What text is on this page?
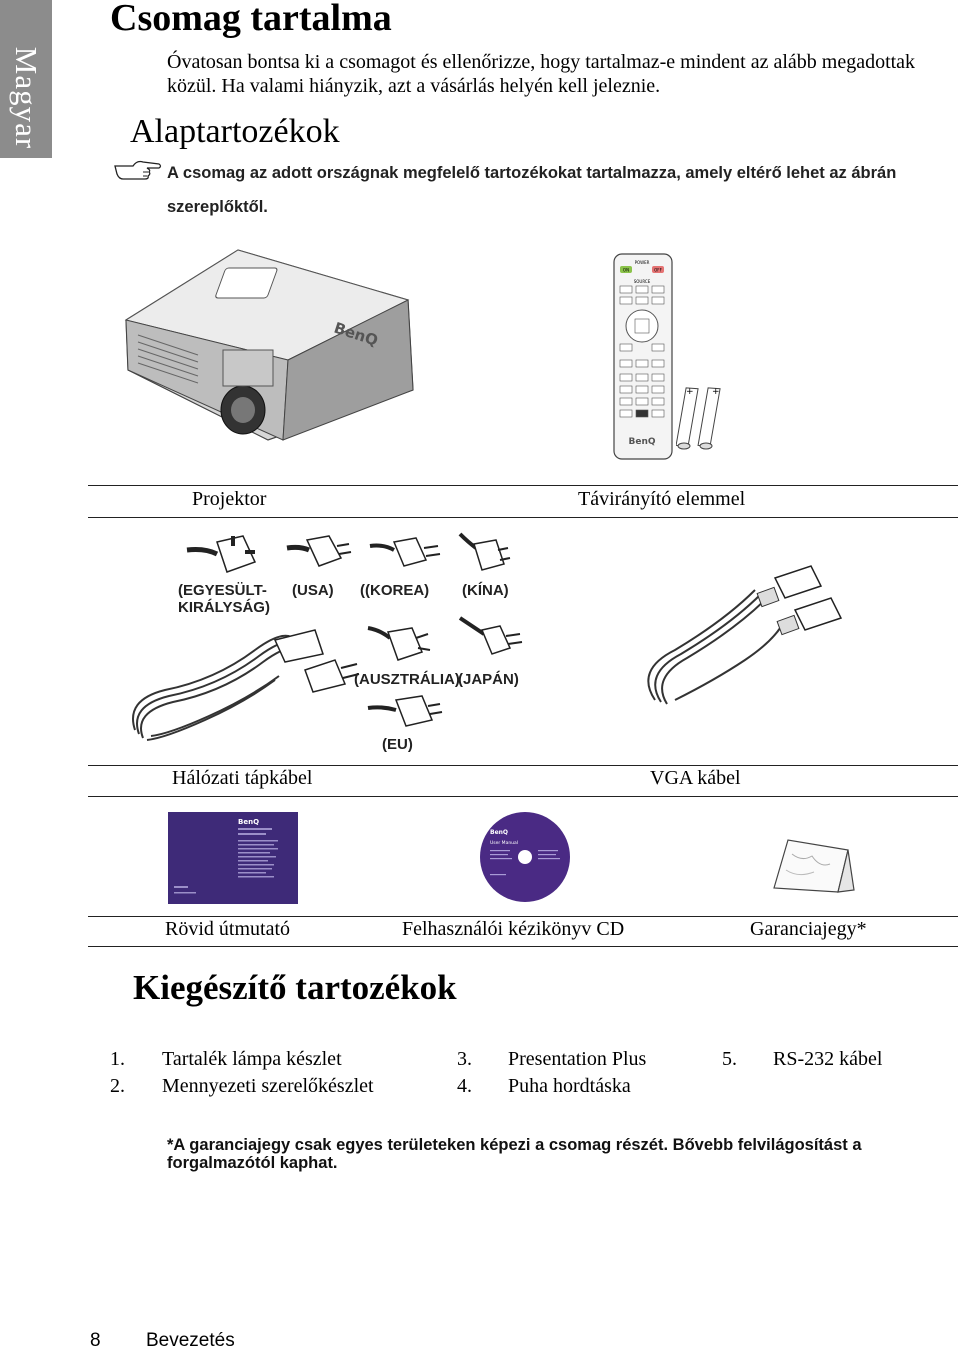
Magyar
Csomag tartalma
Óvatosan bontsa ki a csomagot és ellenőrizze, hogy tartalmaz-e mindent az alább megadottak közül. Ha valami hiányzik, azt a vásárlás helyén kell jeleznie.
Alaptartozékok
A csomag az adott országnak megfelelő tartozékokat tartalmazza, amely eltérő lehet az ábrán szereplőktől.
BenQ
POWER
ON	OFF
SOURCE
BenQ
+ +
Projektor	Távirányító elemmel
(EGYESÜLT-
KIRÁLYSÁG)
(USA) ((KOREA) (KÍNA)
(AUSZTRÁLIA)
(JAPÁN)
(EU)
Hálózati tápkábel	VGA kábel
BenQ
BenQ
User Manual
Rövid útmutató	Felhasználói kézikönyv CD	Garanciajegy*
Kiegészítő tartozékok
1. Tartalék lámpa készlet
2. Mennyezeti szerelőkészlet
3. Presentation Plus
4. Puha hordtáska
5. RS-232 kábel
*A garanciajegy csak egyes területeken képezi a csomag részét. Bővebb felvilágosítást a forgalmazótól kaphat.
8 Bevezetés
